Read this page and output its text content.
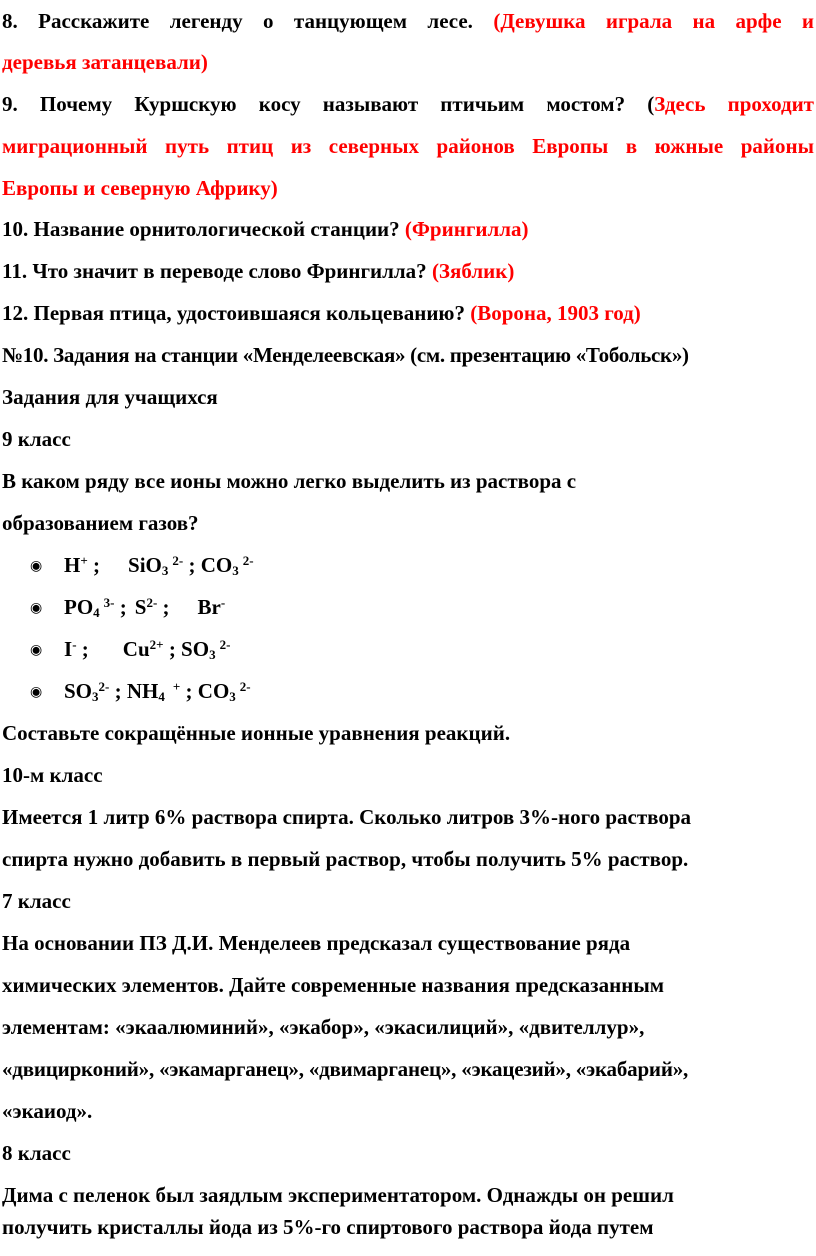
8. Расскажите легенду о танцующем лесе. (Девушка играла на арфе и
деревья затанцевали)
9. Почему Куршскую косу называют птичьим мостом? (Здесь проходит
миграционный путь птиц из северных районов Европы в южные районы
Европы и северную Африку)
10. Название орнитологической станции? (Фрингилла)
11. Что значит в переводе слово Фрингилла? (Зяблик)
12. Первая птица, удостоившаяся кольцеванию? (Ворона, 1903 год)
№10. Задания на станции «Менделеевская» (см. презентацию «Тобольск»)
Задания для учащихся
9 класс
В каком ряду все ионы можно легко выделить из раствора с
образованием газов?
◉ H+ ; SiO$_3^{2-}$ ; $CO_3^{2-}$
◉ $PO_4^{3-}$ ; $S^{2-}$ ; Br-
◉ I- ; $Cu^{2+}$ ; $SO_3^{2-}$
◉ $SO_3^{2-}$ ; $NH_4^+$ ; $CO_3^{2-}$
Составьте сокращённые ионные уравнения реакций.
10-м класс
Имеется 1 литр 6% раствора спирта. Сколько литров 3%-ного раствора
спирта нужно добавить в первый раствор, чтобы получить 5% раствор.
7 класс
На основании ПЗ Д.И. Менделеев предсказал существование ряда
химических элементов. Дайте современные названия предсказанным
элементам: «экаалюминий», «экабор», «экасилиций», «двителлур»,
«двицирконий», «экамарганец», «двимарганец», «экацезий», «экабарий»,
«экаиод».
8 класс
Дима с пеленок был заядлым экспериментатором. Однажды он решил
получить кристаллы йода из 5%-го спиртового раствора йода путем
